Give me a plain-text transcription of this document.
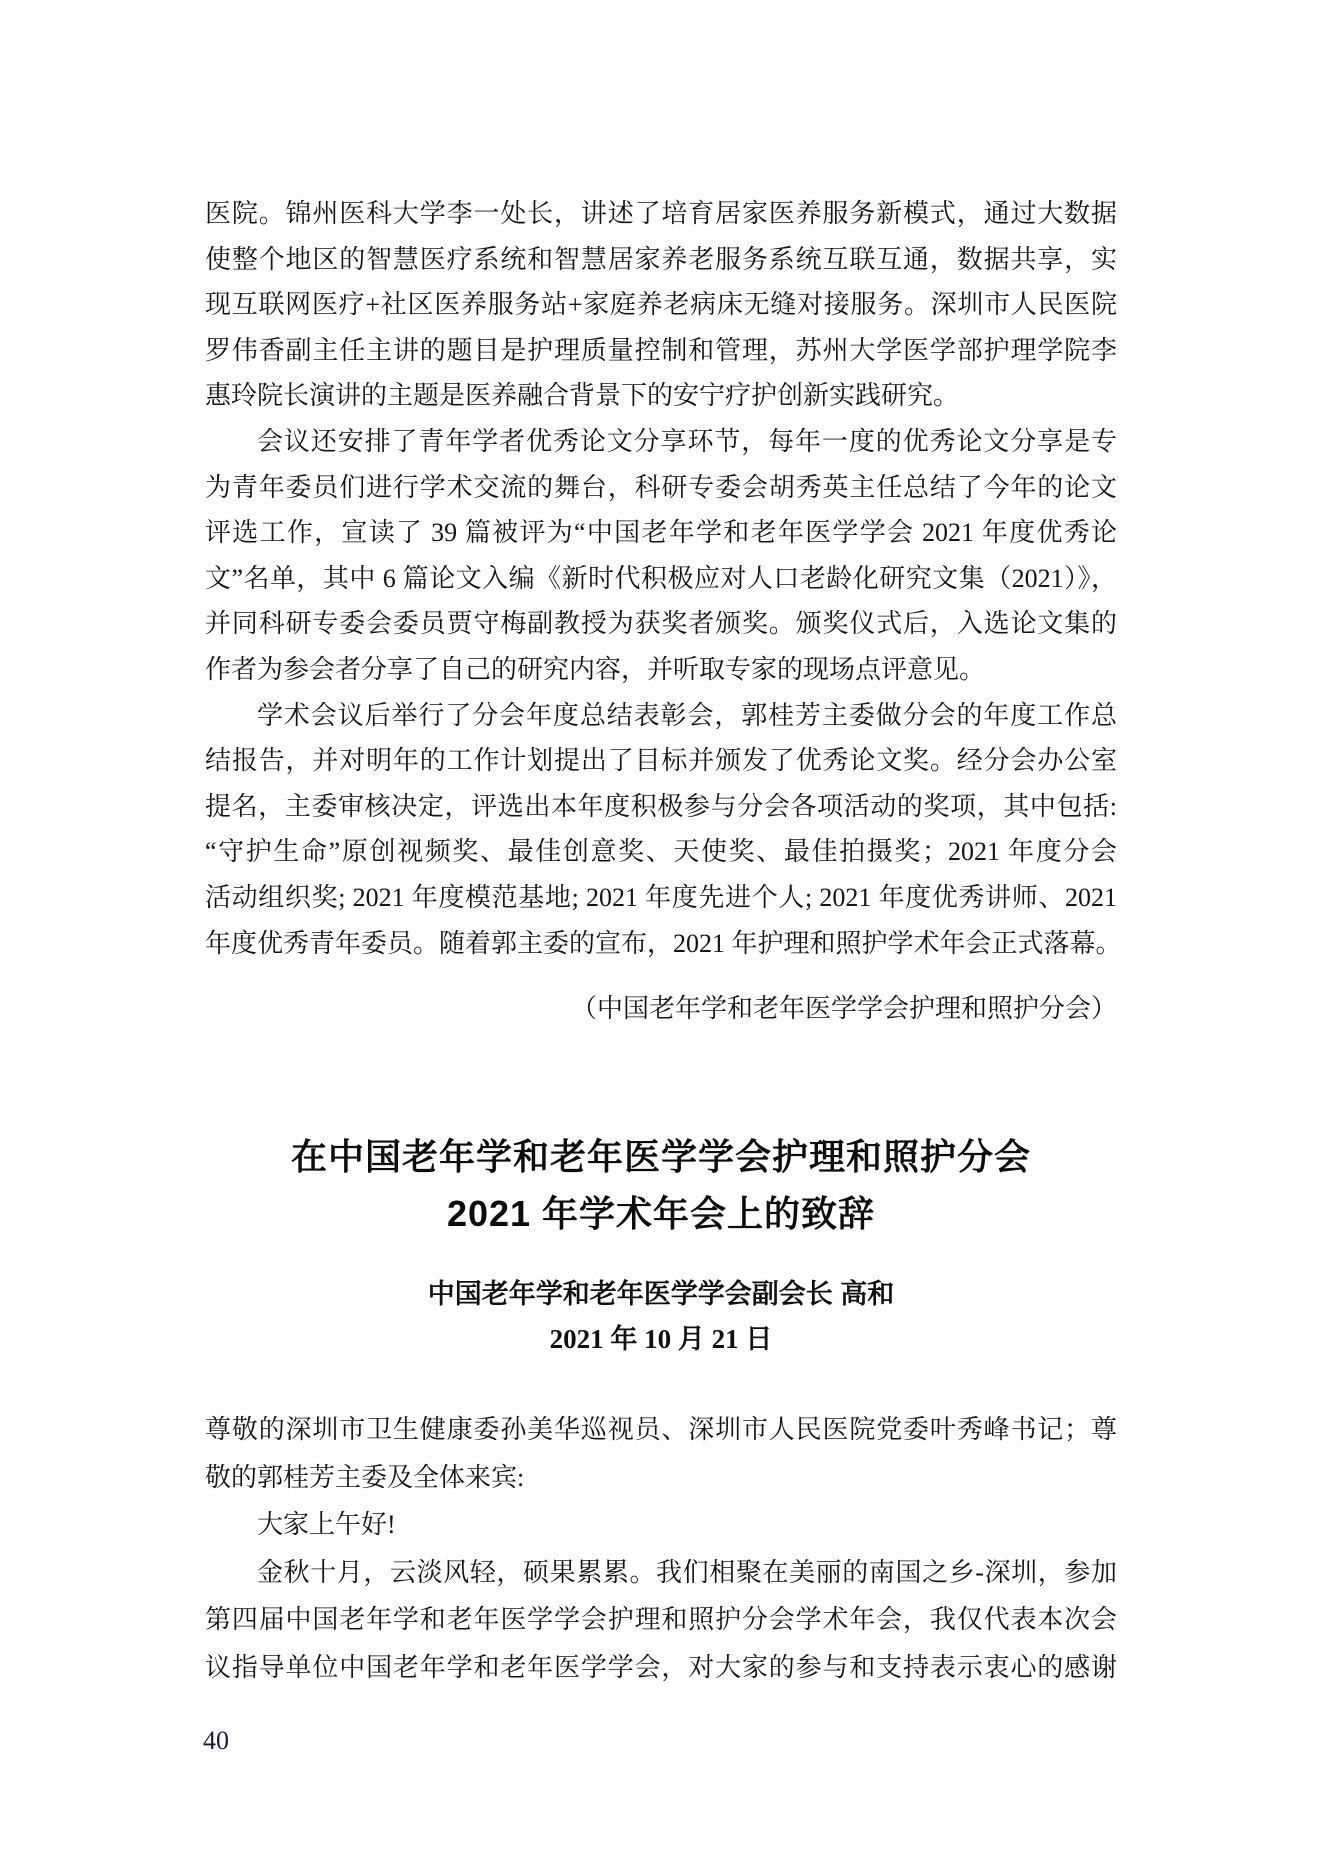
医院。锦州医科大学李一处长，讲述了培育居家医养服务新模式，通过大数据
使整个地区的智慧医疗系统和智慧居家养老服务系统互联互通，数据共享，实
现互联网医疗+社区医养服务站+家庭养老病床无缝对接服务。深圳市人民医院
罗伟香副主任主讲的题目是护理质量控制和管理，苏州大学医学部护理学院李
惠玲院长演讲的主题是医养融合背景下的安宁疗护创新实践研究。
会议还安排了青年学者优秀论文分享环节，每年一度的优秀论文分享是专
为青年委员们进行学术交流的舞台，科研专委会胡秀英主任总结了今年的论文
评选工作，宣读了 39 篇被评为“中国老年学和老年医学学会 2021 年度优秀论
文”名单，其中 6 篇论文入编《新时代积极应对人口老龄化研究文集（2021）》，
并同科研专委会委员贾守梅副教授为获奖者颁奖。颁奖仪式后，入选论文集的
作者为参会者分享了自己的研究内容，并听取专家的现场点评意见。
学术会议后举行了分会年度总结表彰会，郭桂芳主委做分会的年度工作总
结报告，并对明年的工作计划提出了目标并颁发了优秀论文奖。经分会办公室
提名，主委审核决定，评选出本年度积极参与分会各项活动的奖项，其中包括:
“守护生命”原创视频奖、最佳创意奖、天使奖、最佳拍摄奖；2021 年度分会
活动组织奖; 2021 年度模范基地; 2021 年度先进个人; 2021 年度优秀讲师、2021
年度优秀青年委员。随着郭主委的宣布，2021 年护理和照护学术年会正式落幕。
（中国老年学和老年医学学会护理和照护分会）
在中国老年学和老年医学学会护理和照护分会
2021 年学术年会上的致辞
中国老年学和老年医学学会副会长 高和
2021 年 10 月 21 日
尊敬的深圳市卫生健康委孙美华巡视员、深圳市人民医院党委叶秀峰书记；尊
敬的郭桂芳主委及全体来宾:
大家上午好!
金秋十月，云淡风轻，硕果累累。我们相聚在美丽的南国之乡-深圳，参加
第四届中国老年学和老年医学学会护理和照护分会学术年会，我仅代表本次会
议指导单位中国老年学和老年医学学会，对大家的参与和支持表示衷心的感谢
40
